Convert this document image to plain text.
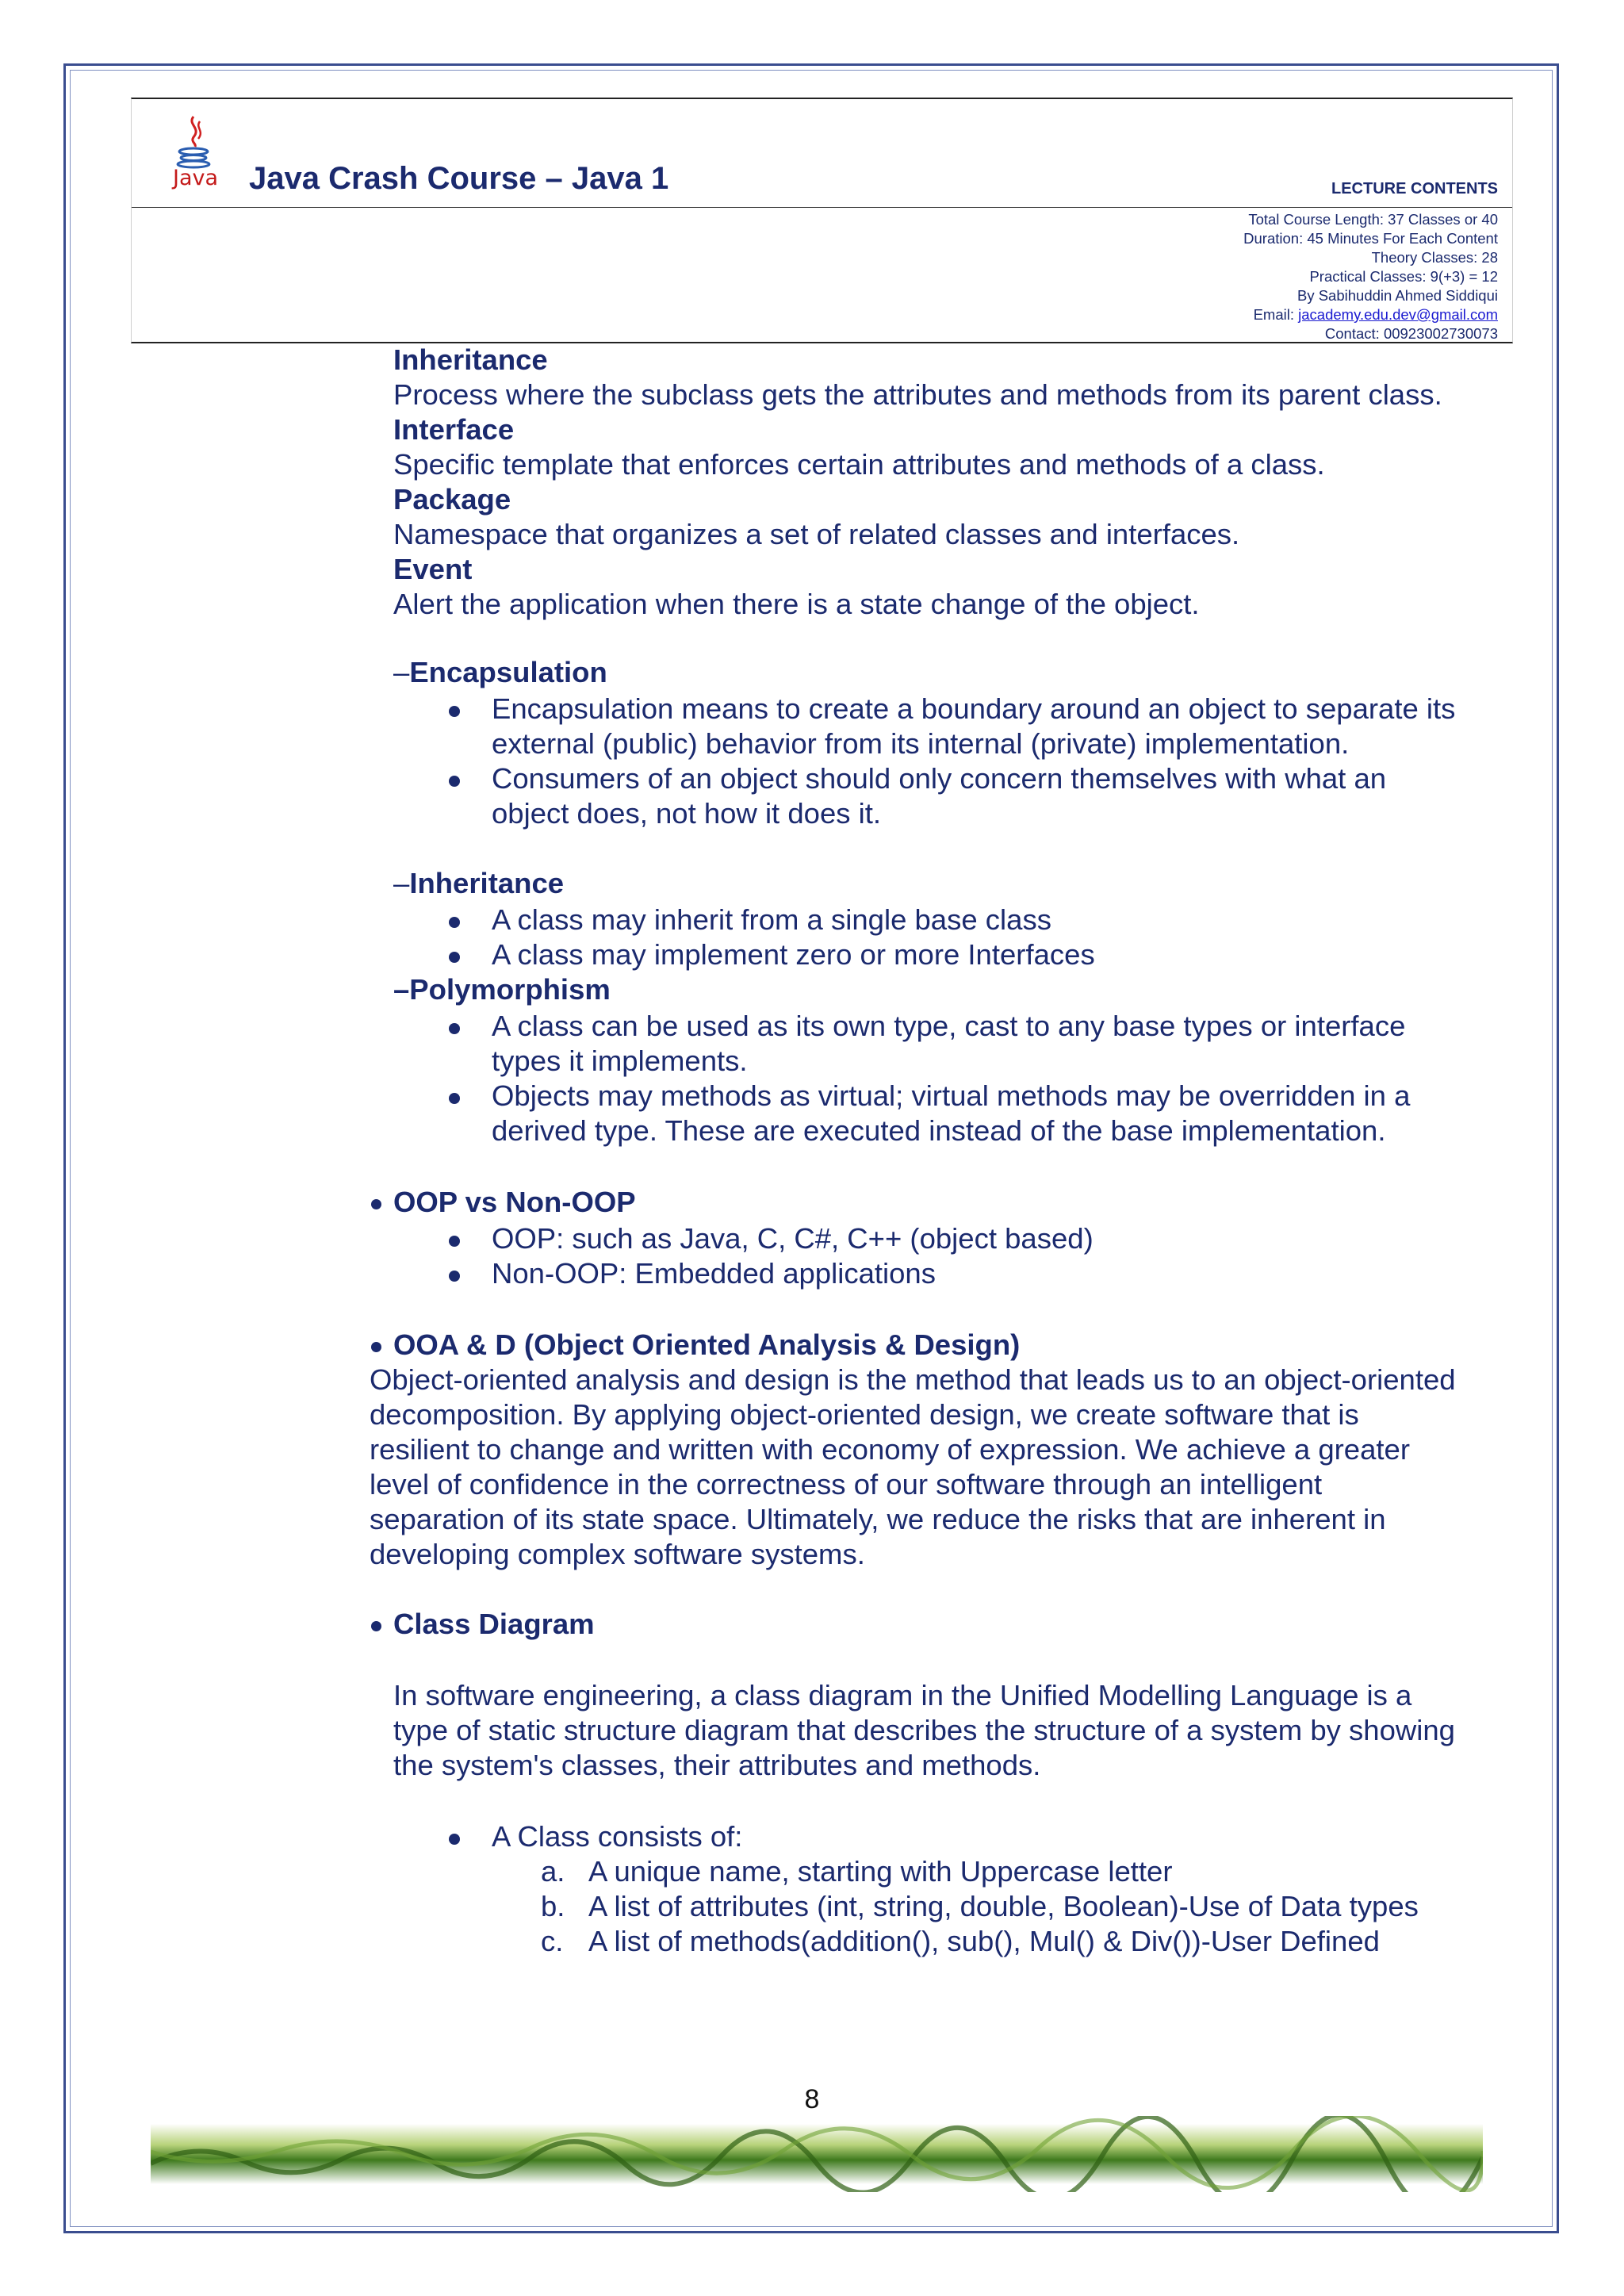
Java Java Crash Course – Java 1	LECTURE CONTENTS
Total Course Length: 37 Classes or 40
Duration: 45 Minutes For Each Content
Theory Classes: 28
Practical Classes: 9(+3) = 12
By Sabihuddin Ahmed Siddiqui
Email: jacademy.edu.dev@gmail.com
Contact: 00923002730073
Inheritance
Process where the subclass gets the attributes and methods from its parent class.
Interface
Specific template that enforces certain attributes and methods of a class.
Package
Namespace that organizes a set of related classes and interfaces.
Event
Alert the application when there is a state change of the object.
–Encapsulation
Encapsulation means to create a boundary around an object to separate its
external (public) behavior from its internal (private) implementation.
Consumers of an object should only concern themselves with what an
object does, not how it does it.
–Inheritance
A class may inherit from a single base class
A class may implement zero or more Interfaces
–Polymorphism
A class can be used as its own type, cast to any base types or interface
types it implements.
Objects may methods as virtual; virtual methods may be overridden in a
derived type. These are executed instead of the base implementation.
OOP vs Non-OOP
OOP: such as Java, C, C#, C++ (object based)
Non-OOP: Embedded applications
OOA & D (Object Oriented Analysis & Design)
Object-oriented analysis and design is the method that leads us to an object-oriented
decomposition. By applying object-oriented design, we create software that is
resilient to change and written with economy of expression. We achieve a greater
level of confidence in the correctness of our software through an intelligent
separation of its state space. Ultimately, we reduce the risks that are inherent in
developing complex software systems.
Class Diagram
In software engineering, a class diagram in the Unified Modelling Language is a
type of static structure diagram that describes the structure of a system by showing
the system's classes, their attributes and methods.
A Class consists of:
a. A unique name, starting with Uppercase letter
b. A list of attributes (int, string, double, Boolean)-Use of Data types
c. A list of methods(addition(), sub(), Mul() & Div())-User Defined
8
